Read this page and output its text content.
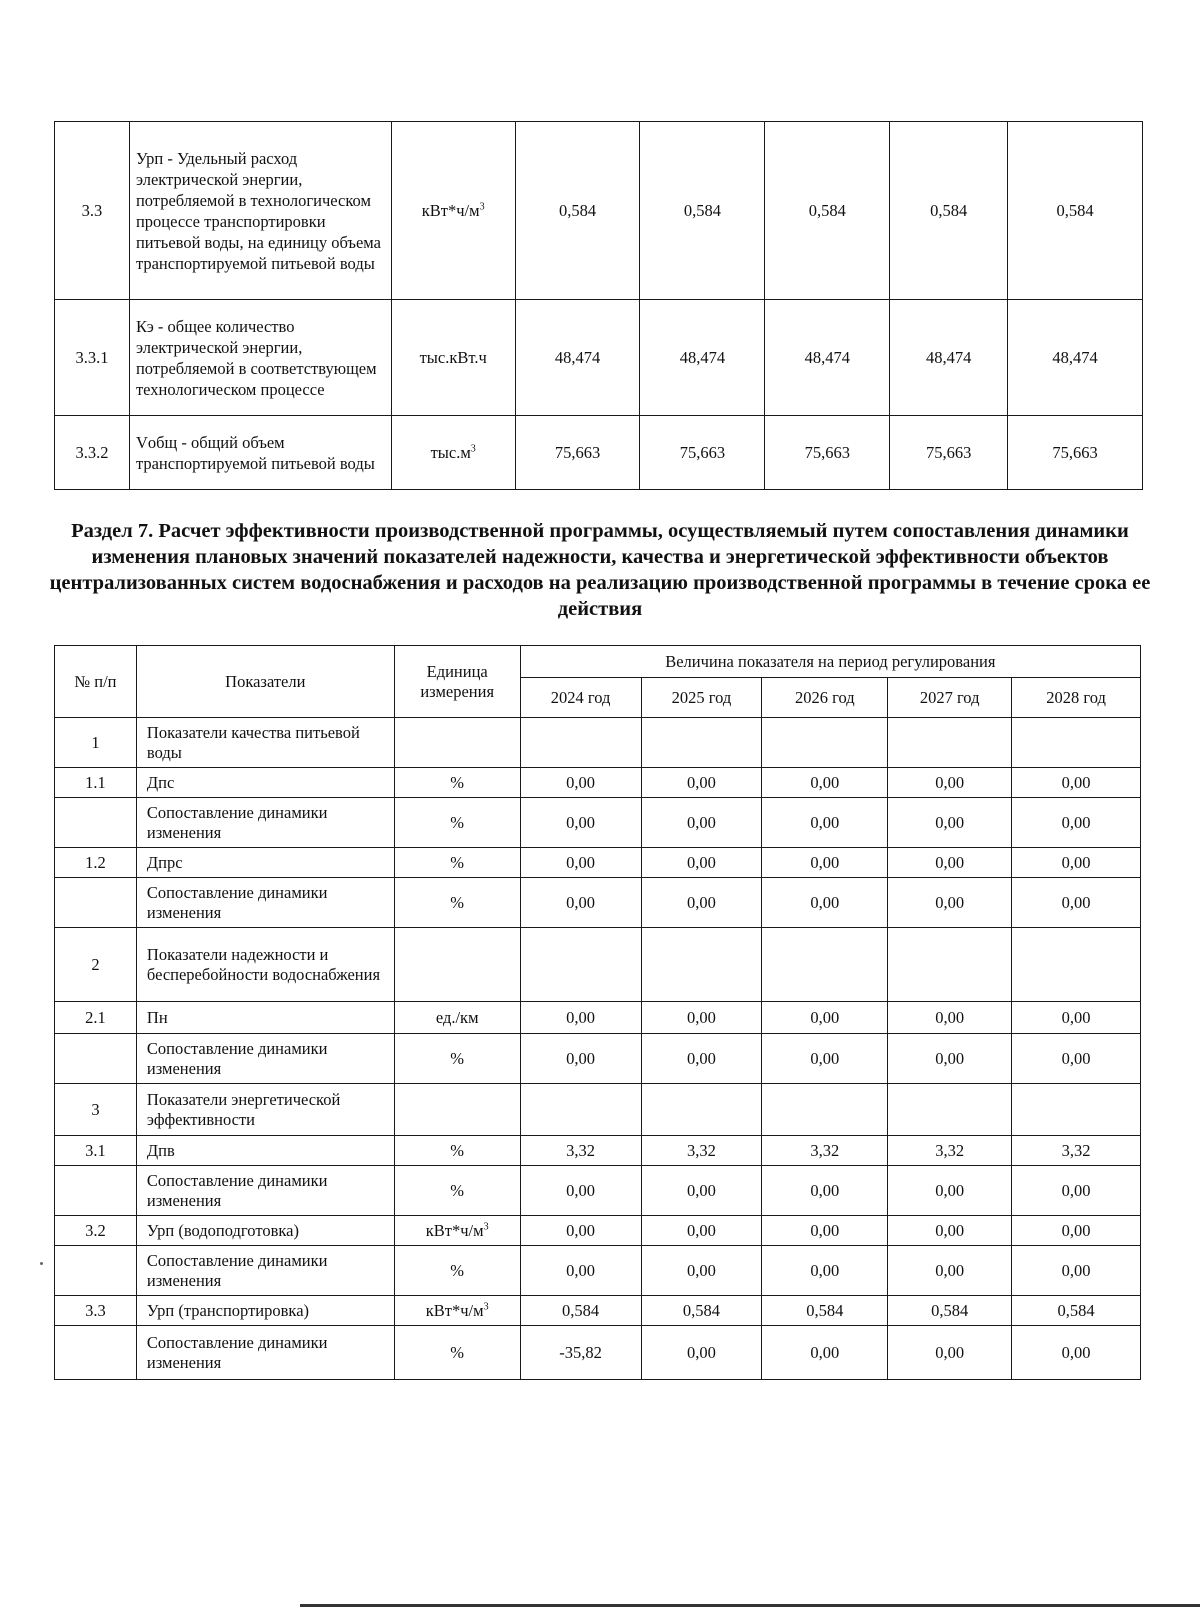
3.3	Урп - Удельный расход электрической энергии, потребляемой в технологическом процессе транспортировки питьевой воды, на единицу объема транспортируемой питьевой воды	$кВт*ч/м^3$	0,584	0,584	0,584	0,584	0,584
3.3.1	Кэ - общее количество электрической энергии, потребляемой в соответствующем технологическом процессе	тыс.кВт.ч	48,474	48,474	48,474	48,474	48,474
3.3.2	Vобщ - общий объем транспортируемой питьевой воды	$тыс.м^3$	75,663	75,663	75,663	75,663	75,663
Раздел 7. Расчет эффективности производственной программы, осуществляемый путем сопоставления динамики изменения плановых значений показателей надежности, качества и энергетической эффективности объектов централизованных систем водоснабжения и расходов на реализацию производственной программы в течение срока ее действия
№ п/п	Показатели	Единица измерения	Величина показателя на период регулирования				
			2024 год	2025 год	2026 год	2027 год	2028 год
1	Показатели качества питьевой воды						
1.1	Дпс	%	0,00	0,00	0,00	0,00	0,00
	Сопоставление динамики изменения	%	0,00	0,00	0,00	0,00	0,00
1.2	Дпрс	%	0,00	0,00	0,00	0,00	0,00
	Сопоставление динамики изменения	%	0,00	0,00	0,00	0,00	0,00
2	Показатели надежности и бесперебойности водоснабжения						
2.1	Пн	ед./км	0,00	0,00	0,00	0,00	0,00
	Сопоставление динамики изменения	%	0,00	0,00	0,00	0,00	0,00
3	Показатели энергетической эффективности						
3.1	Дпв	%	3,32	3,32	3,32	3,32	3,32
	Сопоставление динамики изменения	%	0,00	0,00	0,00	0,00	0,00
3.2	Урп (водоподготовка)	$кВт*ч/м^3$	0,00	0,00	0,00	0,00	0,00
	Сопоставление динамики изменения	%	0,00	0,00	0,00	0,00	0,00
3.3	Урп (транспортировка)	$кВт*ч/м^3$	0,584	0,584	0,584	0,584	0,584
	Сопоставление динамики изменения	%	-35,82	0,00	0,00	0,00	0,00
